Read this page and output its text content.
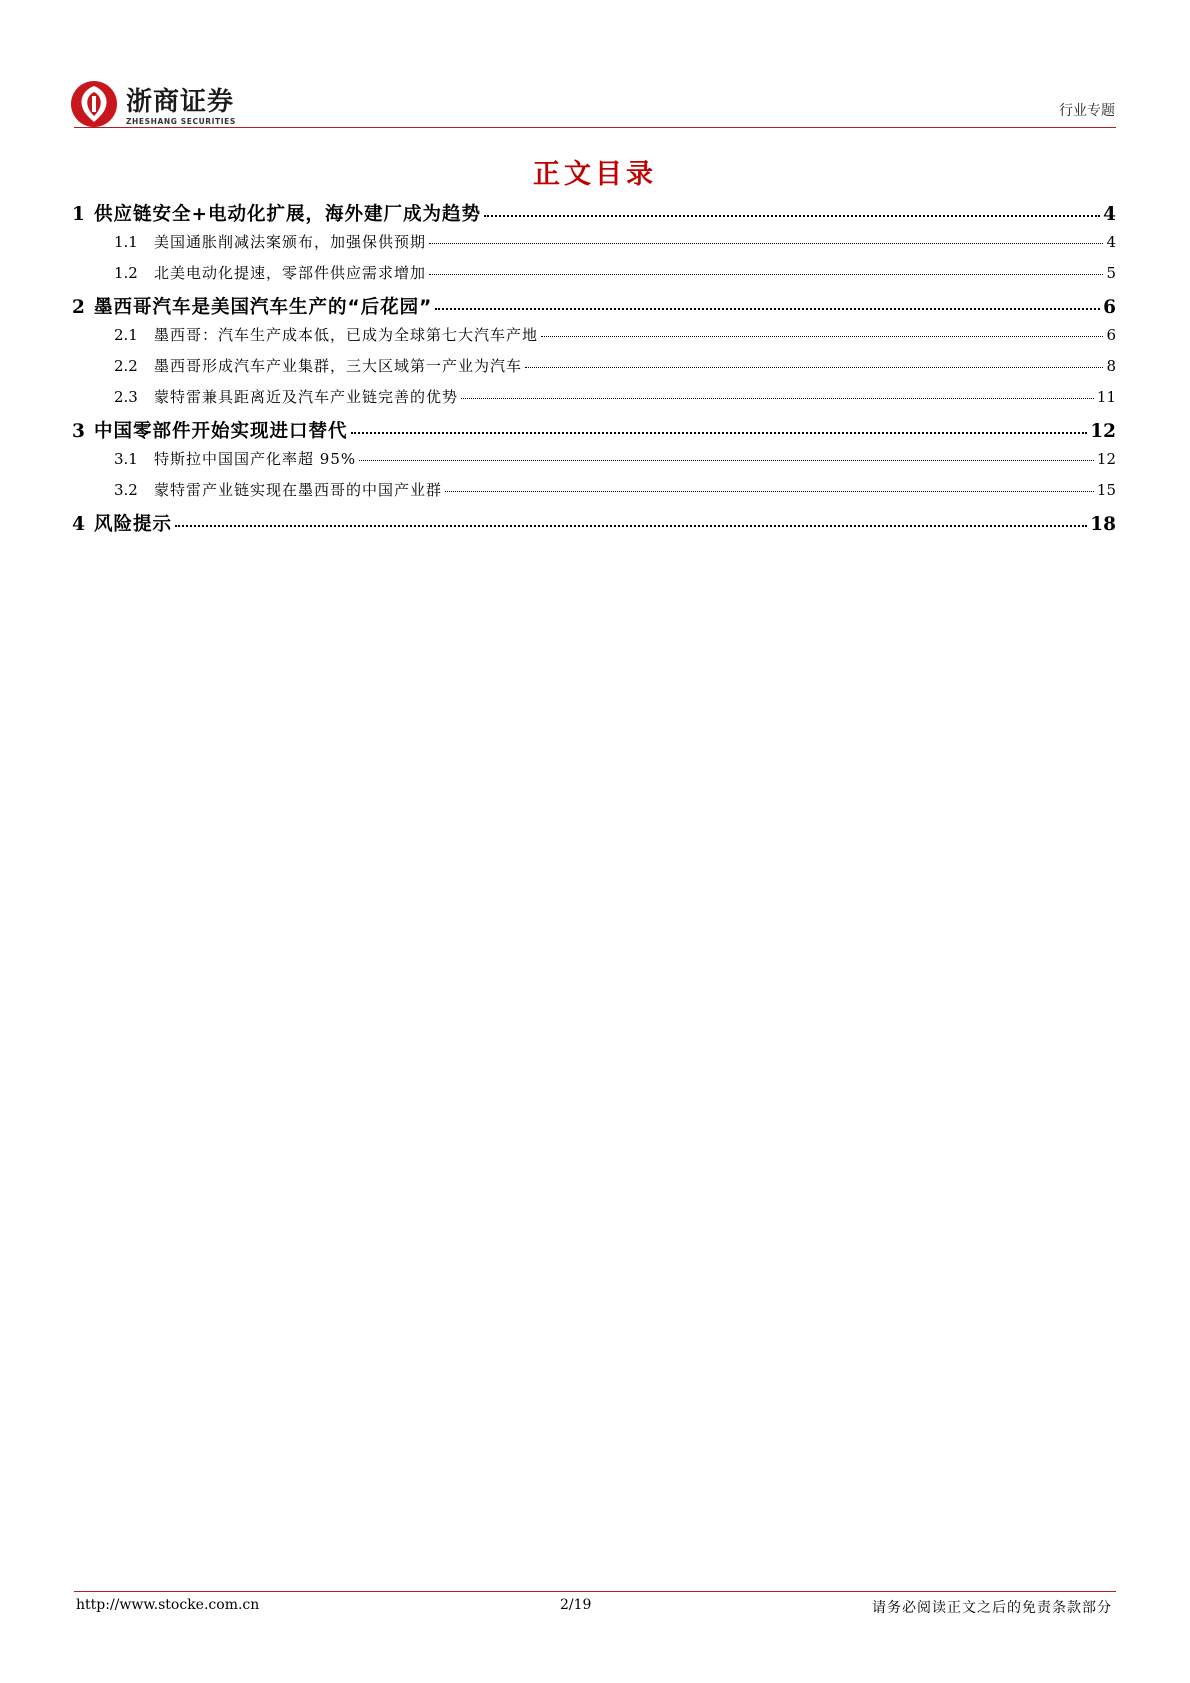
浙商证券
ZHESHANG SECURITIES
行业专题
正文目录
1 供应链安全+电动化扩展，海外建厂成为趋势	4
1.1	美国通胀削减法案颁布，加强保供预期	4
1.2	北美电动化提速，零部件供应需求增加	5
2 墨西哥汽车是美国汽车生产的“后花园”	6
2.1	墨西哥：汽车生产成本低，已成为全球第七大汽车产地	6
2.2	墨西哥形成汽车产业集群，三大区域第一产业为汽车	8
2.3	蒙特雷兼具距离近及汽车产业链完善的优势	11
3 中国零部件开始实现进口替代	12
3.1	特斯拉中国国产化率超 95%	12
3.2	蒙特雷产业链实现在墨西哥的中国产业群	15
4 风险提示	18
http://www.stocke.com.cn	2/19	请务必阅读正文之后的免责条款部分
